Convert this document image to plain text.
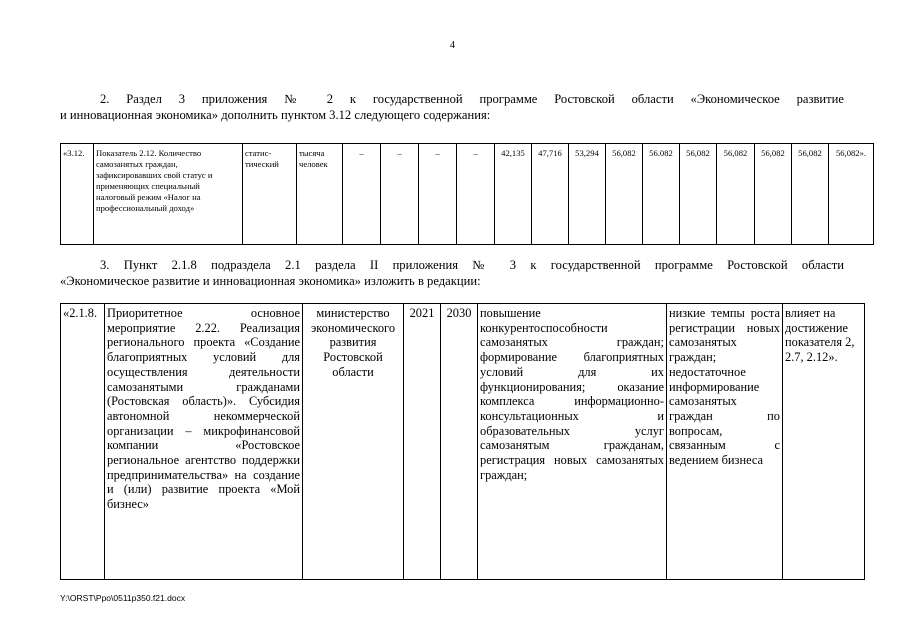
4
2. Раздел 3 приложения № 2 к государственной программе Ростовской области «Экономическое развитие
и инновационная экономика» дополнить пунктом 3.12 следующего содержания:
«3.12.	Показатель 2.12. Количество самозанятых граждан, зафиксировавших свой статус и применяющих специальный налоговый режим «Налог на профессиональный доход»	статис-тический	тысяча человек	–	–	–	–	42,135	47,716	53,294	56,082	56.082	56,082	56,082	56,082	56,082	56,082».
3. Пункт 2.1.8 подраздела 2.1 раздела II приложения № 3 к государственной программе Ростовской области
«Экономическое развитие и инновационная экономика» изложить в редакции:
«2.1.8.	Приоритетное основное мероприятие 2.22. Реализация регионального проекта «Создание благоприятных условий для осуществления деятельности самозанятыми гражданами (Ростовская область)». Субсидия автономной некоммерческой организации – микрофинансовой компании «Ростовское региональное агентство поддержки предпринимательства» на создание и (или) развитие проекта «Мой бизнес»	министерство экономического развития Ростовской области	2021	2030	повышение конкурентоспособности самозанятых граждан; формирование благоприятных условий для их функционирования; оказание комплекса информационно-консультационных и образовательных услуг самозанятым гражданам, регистрация новых самозанятых граждан;	низкие темпы роста регистрации новых самозанятых граждан; недостаточное информирование самозанятых граждан по вопросам, связанным с ведением бизнеса	влияет на достижение показателя 2, 2.7, 2.12».
Y:\ORST\Ppo\0511p350.f21.docx
